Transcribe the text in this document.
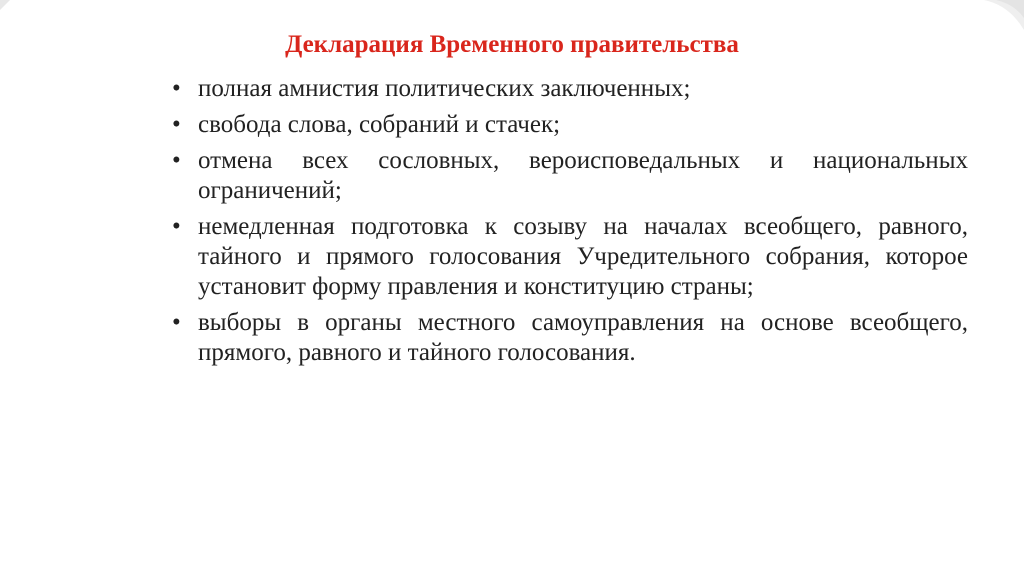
Декларация Временного правительства
• полная амнистия политических заключенных;
• свобода слова, собраний и стачек;
• отмена всех сословных, вероисповедальных и национальных ограничений;
• немедленная подготовка к созыву на началах всеобщего, равного, тайного и прямого голосования Учредительного собрания, которое установит форму правления и конституцию страны;
• выборы в органы местного самоуправления на основе всеобщего, прямого, равного и тайного голосования.
